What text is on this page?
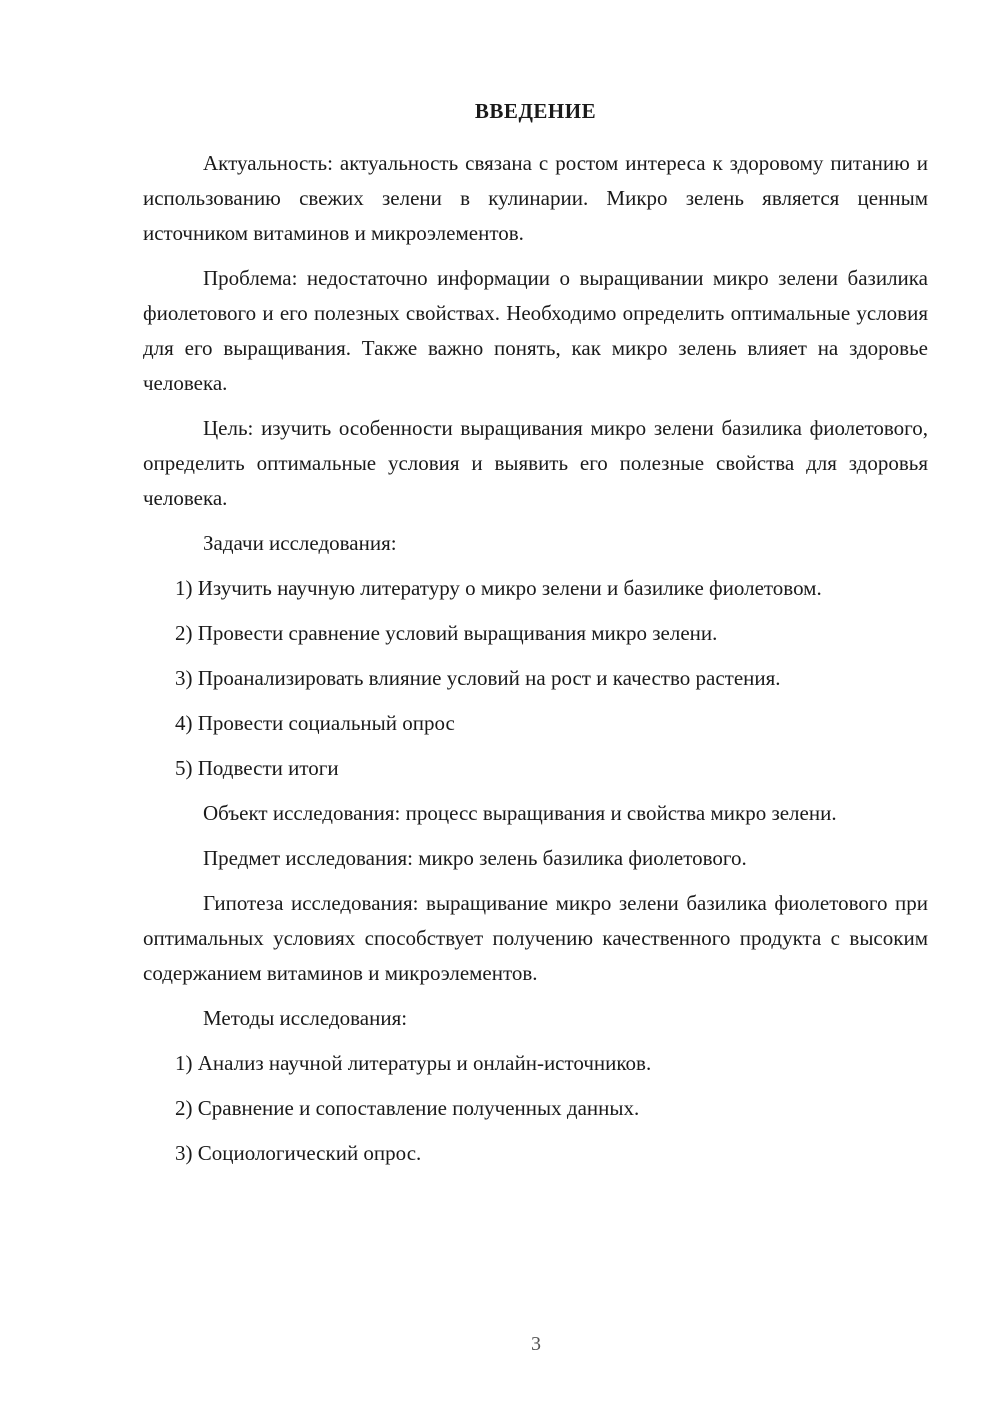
ВВЕДЕНИЕ

Актуальность: актуальность связана с ростом интереса к здоровому питанию и использованию свежих зелени в кулинарии. Микро зелень является ценным источником витаминов и микроэлементов.

Проблема: недостаточно информации о выращивании микро зелени базилика фиолетового и его полезных свойствах. Необходимо определить оптимальные условия для его выращивания. Также важно понять, как микро зелень влияет на здоровье человека.

Цель: изучить особенности выращивания микро зелени базилика фиолетового, определить оптимальные условия и выявить его полезные свойства для здоровья человека.

Задачи исследования:

1) Изучить научную литературу о микро зелени и базилике фиолетовом.

2) Провести сравнение условий выращивания микро зелени.

3) Проанализировать влияние условий на рост и качество растения.

4) Провести социальный опрос

5) Подвести итоги

Объект исследования: процесс выращивания и свойства микро зелени.

Предмет исследования: микро зелень базилика фиолетового.

Гипотеза исследования: выращивание микро зелени базилика фиолетового при оптимальных условиях способствует получению качественного продукта с высоким содержанием витаминов и микроэлементов.

Методы исследования:

1) Анализ научной литературы и онлайн-источников.

2) Сравнение и сопоставление полученных данных.

3) Социологический опрос.

3
